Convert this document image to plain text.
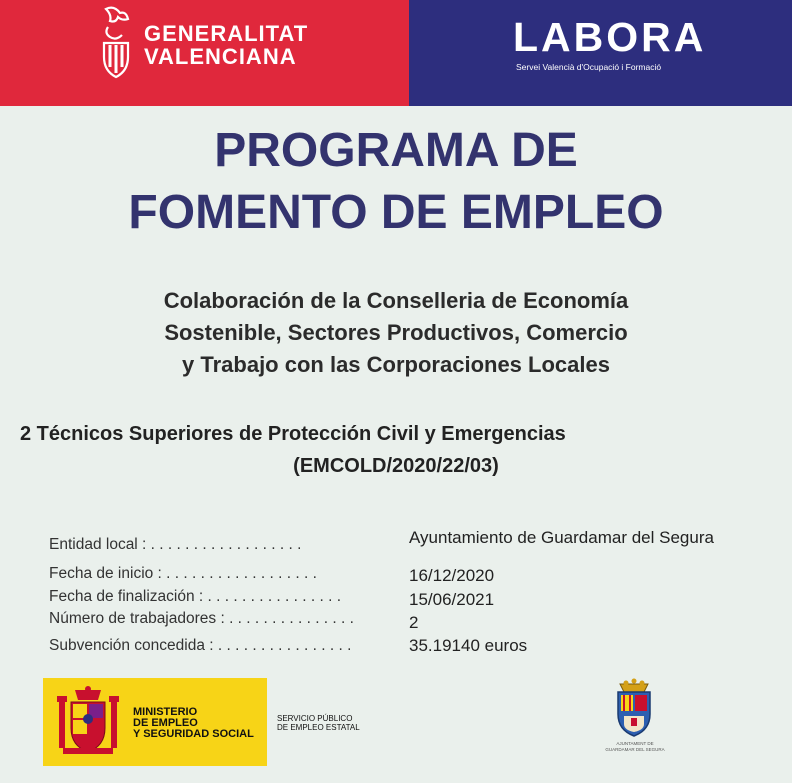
GENERALITAT
VALENCIANA	LABORA
Servei Valencià d'Ocupació i Formació
PROGRAMA DE
FOMENTO DE EMPLEO
Colaboración de la Conselleria de Economía
Sostenible, Sectores Productivos, Comercio
y Trabajo con las Corporaciones Locales
2 Técnicos Superiores de Protección Civil y Emergencias
(EMCOLD/2020/22/03)
Entidad local : . . . . . . . . . . . . . . . . . .	Ayuntamiento de Guardamar del Segura
Fecha de inicio : . . . . . . . . . . . . . . . . . .	16/12/2020
Fecha de finalización : . . . . . . . . . . . . . . . .	15/06/2021
Número de trabajadores : . . . . . . . . . . . . . . .	2
Subvención concedida : . . . . . . . . . . . . . . . .	35.19140 euros
MINISTERIO
DE EMPLEO
Y SEGURIDAD SOCIAL
SERVICIO PÚBLICO
DE EMPLEO ESTATAL
AJUNTAMENT DE
GUARDAMAR DEL SEGURA
